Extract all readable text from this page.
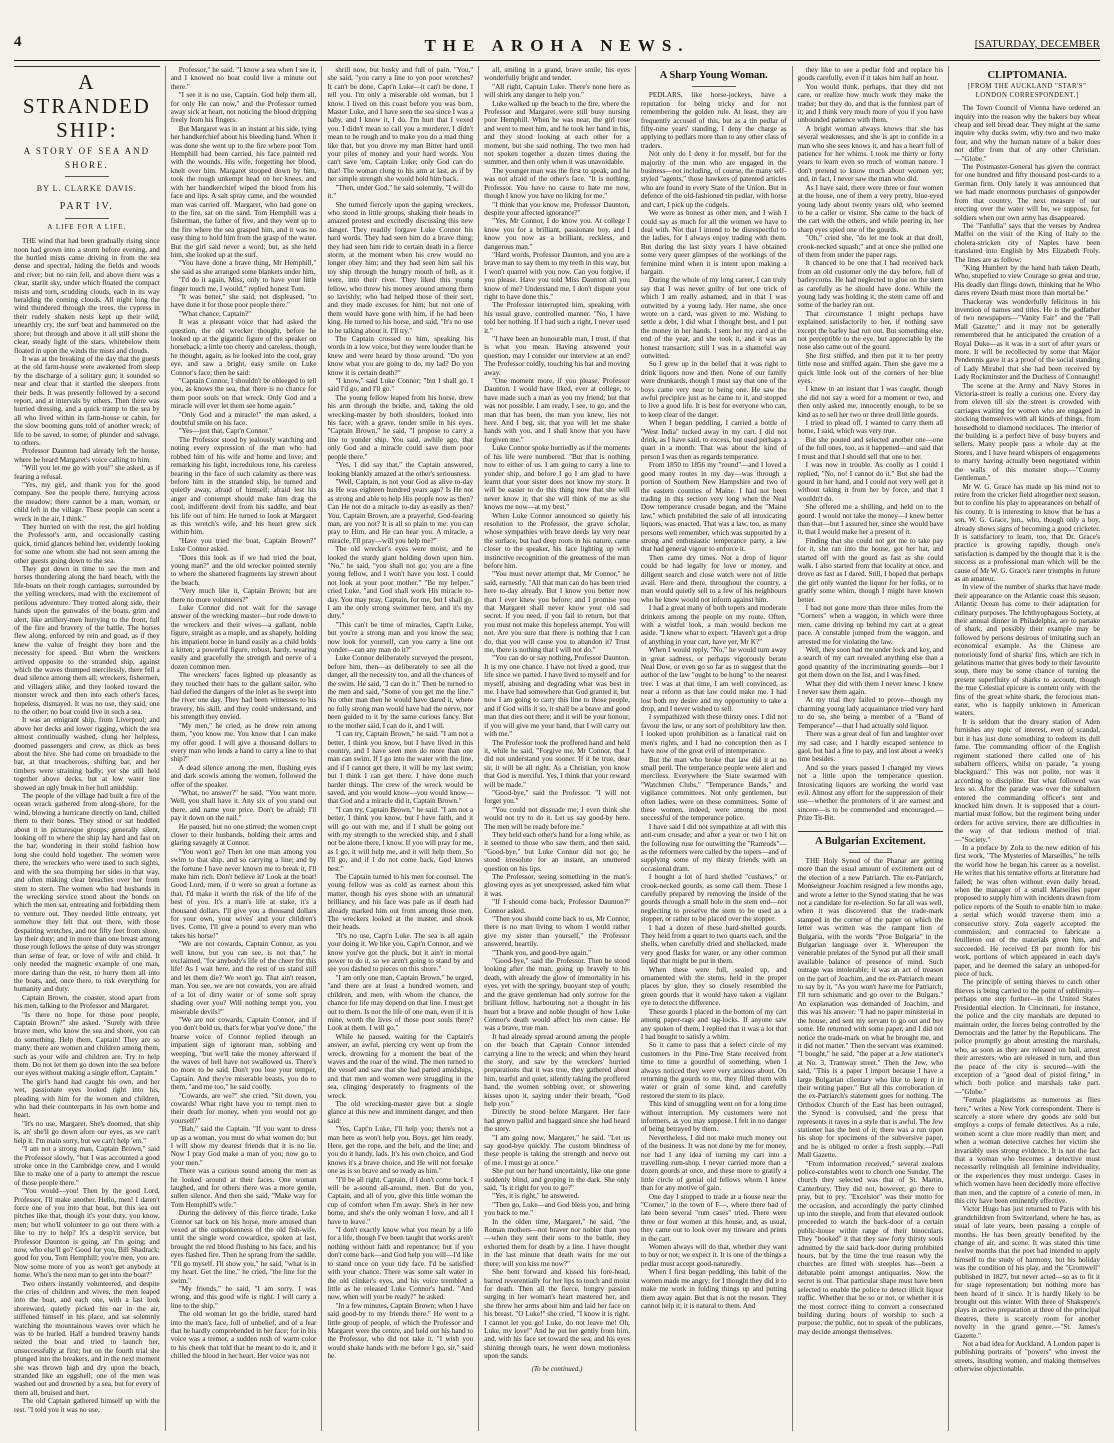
4	THE AROHA NEWS.	[SATURDAY, DECEMBER
A STRANDED SHIP:
A STORY OF SEA AND
SHORE.
BY L. CLARKE DAVIS.
PART IV.
A LIFE FOR A LIFE.

THE wind that had been gradually rising since noon had grown into a storm before evening, and the hurtled mists came driving in from the sea dense and spectral, hiding the fields and woods and river; but no rain fell, and above there was a clear, starlit sky, under which floated the compact mists and torn, scudding clouds, each in its way heralding the coming clouds. All night long the wind thundered through the trees, the cypress in their rudely shaken nests kept up their wild, unearthly cry, the surf beat and hammered on the shore; but through and above it all still shone the clear, steady light of the stars, whitebelow them floated in upon the winds the mists and clouds.

It was at the breaking of the day that the guests at the old farm-house were awakened from sleep by the discharge of a solitary gun; it sounded so near and clear that it startled the sleepers from their beds. It was presently followed by a second report, and at intervals by others. Then there was hurried dressing, and a quick tramp to the sea by all who lived within its farm-house or cabin, for the slow booming guns told of another wreck; of life to be saved, to some; of plunder and salvage, to others.

Professor Daunton had already left the house, where he heard Margaret's voice calling to him.

"Will you let me go with you!" she asked, as if fearing a refusal.

"Yes, my girl, and thank you for the good company. See the people there, hurrying across the meadow; there cannot be a man, woman, or child left in the village. These people can scent a wreck in the air, I think."

They hurried on with the rest, the girl holding the Professor's arm, and occasionally casting quick, timid glances behind her, evidently looking for some one whom she had not seen among the other guests going down to the sea.

They got down in time to see the men and horses thundering along the hard beach, with the life-boats on their rough carriages, surrounded by the yelling wreckers, mad with the excitement of perilous adventure. They trotted along side, their hands upon the gunwales of the boats, grim and alert, like artillery-men hurrying to the front, full of the fire and bravery of the battle. The horses flew along, enforced by rein and goad, as if they knew the value of freight they bore and the necessity for speed. But when the wreckers arrived opposite to the stranded ship, against which the waves thumped mercilessly, there fell a dead silence among them all; wreckers, fishermen, and villagers alike, and they looked toward the monster wreck and then into each other's faces, hopeless, dismayed. It was no use, they said, one to the other; no boat could live in such a sea.

It was an emigrant ship, from Liverpool; and above her decks and lower rigging, which the sea almost continually washed, clung her helpless, doomed passengers and crew, as thick as bees about the hive. She had come on broadside to the bar, at that treacherous, shifting bar, and her timbers were straining badly; yet she still held together above decks, but at low water line showed an ugly break in her hull amidship.

The people of the village had built a fire of the ocean wrack gathered from along-shore, for the wind, blowing a hurricane directly on land, chilled them to their bones. They stood or sat huddled about it in picturesque groups, generally silent, looking off to where the ship lay hard and fast on the bar; wondering in their stolid fashion how long she could hold together. The women were there, the wreckers who were used to such sights, and with the sea thumping her sides in that way, and often making clear breaches over her from stem to stern. The women who had husbands in the wrecking service stood about the bonds on which the men sat, entreating and forbidding them to venture out. They needed little entreaty, yet somehow they felt that out there, with those despairing wretches, and not fifty feet from shore, lay their duty; and in more than one breast among those rough fellows the sense of duty was stronger than sense of fear, or love of wife and child. It only needed the magnetic example of one man, more daring than the rest, to hurry them all into the boats, and, once there, to risk everything for humanity and duty.

Captain Brown, the coaster, stood apart from his men, talking to the Professor and Margaret.

"Is there no hope for those poor people, Captain Brown?" she asked. "Surely with three brave men, who know the sea and shore, you can do something. Help them, Captain! They are so many; there are women and children among them, such as your wife and children are. Try to help them. Do not let them go down into the sea before our eyes without making a single effort, Captain."

The girl's hand had caught his own, and her wet, passionate eyes looked right into his, pleading with him for the women and children, who had their counterparts in his own home and heart.

"It's no use, Margaret. She's doomed, that ship is, an' she'll go down afore our eyes, as we can't help it. I'm main sorry, but we can't help 'em."

"I am not a strong man, Captain Brown," said the Professor slowly, "but I was accounted a good stroke once in the Cambridge crew, and I would like to make one of a party to attempt the rescue of those people there."

"You would—you! Then by the good Lord, Professor, I'll make another. Hello, men! I daren't force one of you into that boat, but this sea out pitches like that, though it's your duty, you know, men; but who'll volunteer to go out there with a like to try to help? It's a desp'rit service, but Professor Daunton is going, an' I'm going; and now, who else'll go? Good for you, Bill Shadrack; good for you, Tom Hemphill; you're men, you are. Now some more of you as won't get anybody at home. Who's the next man to get into the boat?"

Two others instantly volunteered, and despite the cries of children and wives, the men leaped into the boat, and each one, with a last look shoreward, quietly picked his oar in the air, stiffened himself in his place, and sat solemnly watching the mountainous waves over which he was to be hurled. Half a hundred brawny hands seized the boat and tried to launch her, unsuccessfully at first; but on the fourth trial she plunged into the breakers, and in the next moment she was thrown high and dry upon the beach, stranded like an eggshell; one of the men was washed out and drowned by a sea, but for every of them all, bruised and hurt.

The old Captain gathered himself up with the rest. "I told you it was no use,

Professor," he said. "I know a sea when I see it, and I knowed no boat could live a minute out there."

"I see it is no use, Captain. God help them all, for only He can now," and the Professor turned away sick at heart, not noticing the blood dripping freely from his fingers.

But Margaret was in an instant at his side, tying her handkerchief about his bleeding hand. When it was done she went up to the fire where poor Tom Hemphill had been carried, his face painted red with the wounds. His wife, forgetting her blood, knelt over him. Margaret stooped down by him, took the rough unkempt head on her knees, and with her handkerchief wiped the blood from his face and lips. A salt spray came, and the wounded man was carried off. Margaret, who had gone on to the fire, sat on the sand. Tom Hemphill was a fisherman, the father of five, and they went up to the fire where the sea grasped him, and it was no easy thing to hold him from the grasp of the water. But the girl said never a word; but, as she held him, she looked up at the surf.

"You have done a brave thing, Mr Hemphill," she said as she arranged some blankets under him.

"I'd do it again, Miss, only to have your little finger touch me, I would," replied honest Tom.

"It was better," she said, not displeased, "to have done it for those poor people there."

"What chance, Captain?"

It was a pleasant voice that had asked the question, the old wrecker thought, before he looked up at the gigantic figure of the speaker on horseback; a little too cheery and careless, though, he thought, again, as he looked into the cool, gray eye, and saw a bright, easy smile on Luke Connor's face; then he said:

"Captain Connor, I shouldn't be obleeged to tell you, as knows the sea, that there is no chance for them poor souls on that wreck. Only God and a miracle will ever let them see home again."

"Only God and a miracle!" the man asked, a doubtful smile on his face.

"Yes—just that, Capt'n Connor."

The Professor stood by jealously watching and noting every expression of the man who had robbed him of his wife and home and love; and remarking his light, incredulous tone, his careless bearing in the face of such calamity as there was before him in the stranded ship, he turned and quietly away, afraid of himself; afraid lest his anger and contempt should make him drag the cool, indifferent devil from his saddle, and beat his life out of him. He turned to look at Margaret as this wretch's wife, and his heart grew sick within him.

"Have you tried the boat, Captain Brown?" Luke Connor asked.

"Does this look as if we had tried the boat, young man?" and the old wrecker pointed sternly to where the shattered fragments lay strewn about the beach.

"Very much like it, Captain Brown; but are there no more volunteers?"

Luke Connor did not wait for the savage answer of the wrecking master—but rode down to the wreckers and their wives—a gallant, noble figure, straight as a maple, and as shapely, holding his impatient horse in hand easily as a child holds a kitten; a powerful figure, robust, hardy, wearing easily and gracefully the strength and nerve of a dozen common men.

The wreckers' faces lighted up pleasantly as they touched their hats to the gallant sailor, who had defied the dangers of the inlet as he swept into the river one day. They had been witnesses to his bravery, his skill, and they could understand, and his strength they envied.

"My men," he cried, as he drew rein among them, "you know me. You know that I can make my offer good. I will give a thousand dollars to every man who lends a hand to carry a line to that ship?"

A dead silence among the men, flushing eyes and dark scowls among the women, followed the offer of the speaker.

"What, no answer?" he said. "You want more. Well, you shall have it. Any six of you stand out there, and name your price. Don't be afraid; I'll pay it down on the nail."

He paused, but no one stirred; the women crept closer to their husbands, holding their arms and glaring savagely at Connor.

"You won't go? Then let one man among you swim to that ship, and so carrying a line; and by the fortune I have never known me to break it, I'll make him rich. Don't believe it? Look at the boat! Good Lord, men, if it were so great a fortune as that, I'd make it worth the risk of the life of the best of you. It's a man's life at stake, it's a thousand dollars. I'll give you a thousand dollars for your own, your wives' and your children's lives. Come, I'll give a pound to every man who takes his horse!"

"We are not cowards, Captain Connor, as you well know, but you can see, is not that," he exclaimed, "for anybody's life of the cheer for this life! As I wait here, and the rest of us stand still and let them die? We won't go. That ain't reason, man. You see, we are not cowards, you are afraid of a lot of dirty water or of some soft spray shading over you? Will nothing tempt you, you miserable devils?"

"We are not cowards, Captain Connor, and if you don't bold us, that's for what you've done," the hoarse voice of Connor replied through an impatient sign of ignorant man, sobbing and weeping, "but we'll take the money afterward if the waves of hell have not swallowed us. There's no more to be said. Don't you lose your temper, Captain. And they're miserable beasts, you do to them, "and me too," he said coolly.

"Cowards, are we?" she cried. "Sit down, you cowards! What right have you to tempt men to their death for money, when you would not go yourself?"

"Bah," said the Captain. "If you want to dress up as a woman, you must do what women do; but I will show my dearest friends that it is no lie. Now I pray God make a man of you; now go to your men."

There was a curious sound among the men as he looked around at their faces. One woman laughed, and for others there was a more gentle, sullen silence. And then she said, "Make way for Tom Hemphill's wife."

During the delivery of this fierce tirade, Luke Connor sat back on his horse, more amused than vexed at the outspokenness of the old fish-wife, until the single word cowardice, spoken at last, brought the red blood flushing to his face, and his eyes flashed fire. Then he sprang from the saddle. "I'll go myself. I'll show you," he said, "what is in my heart. Get the line," he cried, "the line for the swim."

"My friends," he said, "I am sorry. I was wrong, and this good wife is right. I will carry a line to the ship."

The old woman let go the bridle, stared hard into the man's face, full of unbelief, and of a fear that he hardly comprehended in her face; for in his voice was a tremor, a sudden rush of warm color to his cheek that told that he meant to do it, and it chilled the blood in her heart. Her voice was not

shrill now, but husky and full of pain. "You," she said, "you carry a line to yon poor wretches? It can't be done, Capt'n Luke—it can't be done, I tell you. I'm only a miserable old woman, but I know. I lived on this coast before you was born, Master Luke, and I have seen the sea since I was a baby, and I know it, I do. I'm hurt that I vexed you. I didn't mean to call you a murderer, I didn't mean to be rough and to make you do a mad thing like that, but you drove my man Bitter hard until your piles of money and your hard words. You can't save 'em, Captain Luke; only God can do that! The woman clung to his arm at last, as if by her simple strength she would hold him back.

"Then, under God," he said solemnly, "I will do it."

She turned fiercely upon the gaping wreckers, who stood in little groups, shaking their heads in amazed protest and excitedly discussing this new danger. They readily forgave Luke Connor his hard words. They had seen him do a brave thing; they had seen him ride to certain death in a fierce storm, at the moment when his crew would no longer obey him; and they had seen him sail his toy ship through the hungry mouth of hell, as it were, into their river. They liked this young fellow, who threw his money around among them so lavishly; who had helped those of their sort, and they made excuses for him; but not one of them would have gone with him, if he had been king. He turned to his horse, and said, "It's no use to be talking about it. I'll try."

The Captain crossed to him, speaking his words in a low voice, but they were louder than he knew and were heard by those around. "Do you know what you are going to do, my lad? Do you know it is certain death?"

"I know," said Luke Connor; "but I shall go. I said I'd go, and I'll go."

The young fellow leaped from his horse, drew his arm through the bridle, and, taking the old wrecking-master by both shoulders, looked into his face, with a grave, tender smile in his eyes. "Captain Brown," he said, "I propose to carry a line to yonder ship. You said, awhile ago, that only God and a miracle could save them poor people there."

"Yes, I did say that," the Captain answered, looking blankly amazed at the other's seriousness.

"Well, Captain, is not your God as alive to-day as He was eighteen hundred years ago? Is He not as strong and able to help His people now as then? Can He not do a miracle to-day as easily as then? You, Captain Brown, are a prayerful, God-fearing man, are you not? It is all so plain to me: you can pray to Him, and He can hear you. A miracle, a miracle, I'll pray—will you help me?"

The old wrecker's eyes were moist, and he looked the sturdy giant holding down upon him. "No," he said, "you shall not go; you are a fine young fellow, and I won't have you lost. I could not look at your poor mother." "Be my helper," cried Luke, "and God shall work His miracle to-day. You may pray, Captain, for me, but I shall go. I am the only strong swimmer here, and it's my duty."

"This can't be time of miracles, Capt'n Luke, but you're a strong man and you know the sea; now look for yourself, can you carry a line out yonder—can any man do it?"

Luke Connor deliberately surveyed the present, before him, then—as deliberately to see all the danger, all the necessity too, and all the chances of the swim. He said, "I can do it." Then he turned to the men and said, "Some of you get me the line." No other man then he would have dared it, where no fully strong man would have had the nerve, nor been guided to it by the same curious fancy. But to the mother said, I can do it, and I will.

"I can try, Captain Brown," he said. "I am not a better, I think you know, but I have lived in this country, and I have seen men do more than one man can swim. If I go into the water with the line, and if I cannot get there, it will be my last swim; but I think I can get there. I have done much harder things. The crew of the wreck would be saved, and you would know—you would know—that God and a miracle did it, Captain Brown."

"I can try, Captain Brown," he said. "I am not a better, I think you know, but I have faith, and it will go out with me, and if I shall be going out with my strength to the wrecked ship, and I shall not be alone there, I know. If you will pray for me, as I go, it will help me, and it will help them. So I'll go, and if I do not come back, God knows best."

The Captain turned to his men for counsel. The young fellow was as cold as earnest about this matter, though his eyes shone with an unnatural brilliancy, and his face was pale as if death had already marked him out from among those men. The wreckers looked at the master, and shook their heads.

"It's no use, Capt'n Luke. The sea is all again your doing it. We like you, Capt'n Connor, and we know you've got the pluck, but it ain't in mortal power to do it, so we aren't going to stand by and see you dashed to pieces on this shore."

"I am only one man, Captain Brown," he urged, "and there are at least a hundred women, and children, and men, with whom the chance, the chance for life may depend on that line. I must get out to them. Is not the life of one man, even if it is mine, worth the lives of those poor souls there? Look at them. I will go."

While he paused, waiting for the Captain's answer, an awful, piercing cry went up from the wreck, drowning for a moment the beat of the waves and the roar of the wind. The men turned to the vessel and saw that she had parted amidships, and that men and women were struggling in the sea, clinging desperately to fragments of the wreck.

The old wrecking-master gave but a single glance at this new and imminent danger, and then said:

"Yes, Capt'n Luke, I'll help you; there's not a man here as won't help you. Boys, get him ready. Here, get the rope, and the belt, and the line; and you do it handy, lads. It's his own choice, and God knows it's a brave choice, and He will not forsake one as is so brave and so ready as him."

"I'll be all right, Captain, if I don't come back. I will be a-sound all-around, men. But do you, Captain, and all of you, give this little woman the cup of comfort when I'm away. She's in her new home, and she's the only woman I love, and all I have to leave."

"I don't exactly know what you mean by a life for a life, though I've been taught that works aren't nothing without faith and repentance; but if you don't come back—and God help you will—I'd like to stand once on your tidy face. I'd be satisfied with your chance. There was some salt water in the old clinker's eyes, and his voice trembled a little as he released Luke Connor's hand. "And now, when will you be ready?" he asked.

"In a few minutes, Captain Brown; when I have said good-by to my friends there." He went to a little group of people, of which the Professor and Margaret were the centre, and held out his hand to the Professor, who did not take it. "I wish you would shake hands with me before I go, sir," said he.

all, smiling in a grand, brave smile, his eyes wonderfully bright and tender.

"All right, Captain Luke. There's none here as will shirk any danger to help you."

Luke walked up the beach to the fire, where the Professor and Margaret were still busy nursing poor Hemphill. When he was near, the girl rose and went to meet him, and he took her hand in his, and they stood looking at each other for a moment, but she said nothing. The two men had not spoken together a dozen times during the summer, and then only when it was unavoidable.

The younger man was the first to speak, and he was not afraid of the other's face. "It is nothing, Professor. You have no cause to hate me now, though I know you have no liking for me."

"I think that you know me, Professor Daunton, despite your affected ignorance?"

"Yes, Mr Connor, I do know you. At college I knew you for a brilliant, passionate boy, and I know you now as a brilliant, reckless, and dangerous man."

"Hard words, Professor Daunton, and you are a brave man to say them to my teeth in this way, but I won't quarrel with you now. Can you forgive, if you please. Have you told Miss Daunton all you know of me? Understand me, I don't dispute your right to have done this."

The Professor interrupted him, speaking with his usual grave, controlled manner. "No, I have told her nothing. If I had such a right, I never used it."

"I have been an honourable man, I trust, if that is what you mean. Having answered your question, may I consider our interview at an end? The Professor coldly, touching his hat and moving away.

"One moment more, if you please, Professor Daunton. I would have liked, ever at college, to have made such a man as you my friend; but that was not possible. I am ready, I see, to go, and the man that has been, the man you knew, lies not here. And I beg, sir, that you will let me shake hands with you, and I shall know that you have forgiven me."

Luke Connor spoke hurriedly as if the moments of his life were numbered. "But that is nothing now to either of us. I am going to carry a line to yonder ship, and before I go I am glad to have learnt that your sister does not know my story. It will be easier to do this thing now that she will never know it; that she will think of me as she knows me now—at my best."

When Luke Connor announced so quietly his resolution to the Professor, the grave scholar, whose sympathies with brave deeds lay very near the surface, but had deep roots in his nature, came closer to the speaker, his face lighting up with instinctive recognition of the greatness of the man before him.

"You must never attempt that, Mr Connor," he said, earnestly. "All that man can do has been tried here to-day already. But I know you better now than I ever knew you before; and I promise you that Margaret shall never know your old sad secret. If you need, if you fail to return, but that you must not make this hopeless attempt. You will not. Are you sure that there is nothing that I can do, that you will cause you to abandon it? Trust me, there is nothing that I will not do."

"You can do or say nothing, Professor Daunton. It is my one chance. I have not lived a good, true life since we parted. I have lived to myself and for myself, abusing and degrading what was best in me. I have had somewhere that God granted it, but now I am going to carry this line to those people, and if God wills it so, it shall be a brave and good man that dies out there; and it will be your honour, if you will give me your hand, that I will carry out with me."

The Professor took the proffered hand and held it, while he said, "Forgive me, Mr Connor, that I did not understand you sooner. If it be true, dear sir, it will be all right. As a Christian, you know that God is merciful. Yes, I think that your reward will be made."

"Good-bye," said the Professor. "I will not forget you."

"You could not dissuade me; I even think she would not try to do it. Let us say good-by here. The men will be ready before me."

They held each other's hand for a long while, as it seemed to those who saw them, and then said, "Good-bye," but Luke Connor did not go; he stood irresolute for an instant, an unuttered question on his lips.

The Professor, seeing something in the man's glowing eyes as yet unexpressed, asked him what it was.

"If I should come back, Professor Daunton?" Connor asked.

"Then you should come back to us, Mr Connor, there is no man living to whom I would rather give my sister than yourself," the Professor answered, heartily.

"Thank you, and good-bye again."

"Good-bye," said the Professor. Then he stood looking after the man, going up bravely to his death, with already the glow of immortality in his eyes, yet with the springy, buoyant step of youth; and the grave gentleman had only sorrow for the brilliant fellow, harbouring not a thought in his heart but a brave and noble thought of how Luke Connor's death would affect his own cause. He was a brave, true man.

It had already spread around among the people on the beach that Captain Connor intended carrying a line to the wreck; and when they heard the story, and saw by the wreckers' hurried preparations that it was true, they gathered about him, tearful and quiet, silently taking the proffered hand, the women sobbing over, or showering kisses upon it, saying under their breath, "God help you."

Directly he stood before Margaret. Her face had grown pallid and haggard since she had heard the story.

"I am going now, Margaret," he said. "Let us say good-bye quickly. The custom blindness of these people is taking the strength and nerve out of me. I must go at once."

She put out her hand uncertainly, like one gone suddenly blind, and groping in the dark. She only said, "Is it right for you to go?"

"Yes, it is right," he answered.

"Then go, Luke—and God bless you, and bring you back to me."

In the olden time, Margaret," he said, "the Roman mothers—not braver nor nobler than you—when they sent their sons to the battle, they exhorted them for death by a line. I have thought in the last minute that death waits for me out there; will you kiss me now?"

She bent forward and kissed his fore-head, barred reverentially for her lips to touch and moist for death. Then all the fierce, hungry passion surging in her woman's heart mastered her, and she threw her arms about him and laid her face on his breast. "O Luke!" she cried, "I know it is right. I cannot let you go! Luke, do not leave me! Oh, Luke, my love!" And he put her gently from him, and, with his face set toward the sea, and his eyes shining through tears, he went down motionless upon the sands.

(To be continued.)
A Sharp Young Woman.

PEDLARS, like horse-jockeys, have a reputation for being tricky and for not remembering the golden rule. At least, they are frequently accused of this, but as a tin pedlar of fifty-nine years' standing, I deny the charge as applying to pedlars more than to any other class of traders.

Not only do I deny it for myself, but for the majority of the men who are engaged in the business—not including, of course, the many self-styled "agents," those hawkers of patented articles who are found in every State of the Union. But in defence of the old-fashioned tin pedlar, with horse and cart, I pick up the cudgels.

We were as honest as other men, and I wish I could say as much for all the women we have to deal with. Not that I intend to be disrespectful to the ladies, for I always enjoy trading with them. But during the last sixty years I have obtained some very queer glimpses of the workings of the feminine mind when it is intent upon making a bargain.

During the whole of my long career, I can truly say that I was never guilty of but one trick of which I am really ashamed, and in that I was outwitted by a young lady. Her name, she once wrote on a card, was given to me. Wishing to settle a debt, I did what I thought best, and I put the money in her hands. I sent her my card at the end of the year, and she took it, and it was an honest transaction; still I was in a shameful way outwitted.

So I grew up in the belief that it was right to drink liquors now and then. None of our family were drunkards, though I must say that one of the boys came very near to being one. He saw the awful precipice just as he came to it, and stopped to live a good life. It is best for everyone who can, to keep clear of the danger.

When I began peddling, I carried a bottle of "West India" tucked away in my cart. I did not drink, as I have said, to excess, but used perhaps a quart in a month. That was about the kind of person I was then as regards temperance.

From 1850 to 1856 my "round"—and I loved a good many routes in my day—was through a portion of Southern New Hampshire and two of the eastern counties of Maine. I had not been trading in this section very long when the Neal Dow temperance crusade began, and the "Maine law," which prohibited the sale of all intoxicating liquors, was enacted. That was a law, too, as many persons well remember, which was supported by a strong and enthusiastic temperance party, a law that had general vigour to enforce it.

Then came dry times. Not a drop of liquor could be had legally for love or money, and diligent search and close watch were not of little avail. Here and there, throughout the country, a man would quietly sell to a few of his neighbours who he knew would not inform against him.

I had a great many of both topers and moderate drinkers among the people on my route. Often, with a wistful look, a man would beckon me aside. "I know what to expect. "Haven't got a drop of anything in your cart, have yer, Mr K?"

When I would reply, "No," he would turn away in great sadness, or perhaps vigorously berate Neal Dow, or even go so far as to suggest that the author of the law "ought to be hung" to the nearest tree. I was at that time, I am well convinced, as near a reform as that law could make me. I had lost both my desire and my opportunity to take a drop, and I never wished to sell.

I sympathized with these thirsty ones. I did not favour the law, or any sort of prohibitory law then. I looked upon prohibition as a fanatical raid on men's rights, and I had no conception then as I have now of the great evil of intemperance.

But the man who broke that law did it at no small peril. The temperance people were alert and merciless. Everywhere the State swarmed with "Watchmen Clubs," "Temperance Bands," and vigilance committees. Not only gentlemen, but often ladies, were on these committees. Some of these women, indeed, were among the most successful of the temperance police.

I have said I did not sympathize at all with this anti-rum crusade; and after a year or two I hit on the following ruse for outwitting the "Ramrods"—as the reformers were called by the topers—and of supplying some of my thirsty friends with an occasional dram.

I bought a lot of hard shelled "cushaws," or crook-necked gourds, as some call them. These I carefully prepared by removing the inside of the gourds through a small hole in the stem end—not neglecting to preserve the stem to be used as a stopper, or rather to be placed over the stopper.

I had a dozen of these hard-shelled gourds. They held from a quart to two quarts each, and the shells, when carefully dried and shellacked, made very good flasks for water, or any other common liquid that might be put in them.

When these were full, sealed up, and ornamented with the stems, held in the proper places by glue, they so closely resembled the green gourds that it would have taken a vigilant eye to detect the difference.

These gourds I placed in the bottom of my cart among paper-rags and tag-locks. If anyone saw any spoken of them, I replied that it was a lot that I had bought to satisfy a whim.

So it came to pass that a select circle of my customers in the Pine-Tree State received from time to time a gourdful of something, when I always noticed they were very anxious about. On returning the gourds to me, they filled them with water or grain of some kind, and carefully restored the stem to its place.

This kind of smuggling went on for a long time without interruption. My customers were not informers, as you may suppose. I felt in no danger of being betrayed by them.

Nevertheless, I did not make much money out of the business. It was not done by me for money, nor had I any idea of turning my cart into a travelling rum-shop. I never carried more than a dozen gourds at once, and these more to gratify a little circle of genial old fellows whom I knew than for any motive of gain.

One day I stopped to trade at a house near the "Corner," in the town of F—, where there had of late been several "rum cases" tried. There were three or four women at this house, and, as usual, they came out to look over my tinware and prints in the cart.

Women always will do that, whether they want to buy or not; we expect it. It is one of the things a pedlar must accept good-naturedly.

When I first began peddling, this habit of the women made me angry; for I thought they did it to make me work in folding things up and putting them away again. But that is not the reason. They cannot help it; it is natural to them. And

they like to see a pedlar fold and replace his goods carefully, even if it takes him half an hour.

You would think, perhaps, that they did not care, or realize how much work they make the trader; but they do, and that is the funniest part of it; and I think very much more of you if you have unbounded patience with them.

A bright woman always knows that she has several weaknesses, and she is apt to confide in a man who she sees knows it, and has a heart full of patience for her whims. I took me thirty or forty years to learn even so much of woman nature. I don't pretend to know much about women yet; and, in fact, I never saw the man who did.

As I have said, there were three or four women at the house, one of them a very pretty, blue-eyed young lady about twenty years old, who seemed to be a caller or visitor. She came to the back of the cart with the others, and while peering in, her sharp eyes spied one of the gourds.

"Oh," cried she, "do let me look at that droll, crook-necked squash;" and at once she pulled one of them from under the paper rags.

It chanced to be one that I had received back from an old customer only the day before, full of barleycorns. He had neglected to glue on the stem as carefully as he should have done. While the young lady was holding it, the stem came off and some of the barley ran out.

That circumstance I might perhaps have explained satisfactorily to her, if nothing save except the barley had run out. But something else, not perceptible to the eye, but appreciable by the nose also came out of the gourd.

She first sniffed, and then put it to her pretty little nose and sniffed again. Then she gave me a quick little look out of the corners of her blue eyes.

I knew in an instant that I was caught, though she did not say a word for a moment or two, and then only asked me, innocently enough, to be so kind as to sell her two or three droll little gourds.

I tried to plead off. I wanted to carry them all home, I said, which was very true.

But she pouted and selected another one—one of the full ones, too, as it happened—and said that I must and that I should sell that one to her.

I was now in trouble. As coolly as I could I replied, "No, no! I cannot do it." But she had the gourd in her hand, and I could not very well get it without taking it from her by force, and that I wouldn't do.

She offered me a shilling, and held on to the gourd. I would not take the money—I knew better than that—but I assured her, since she would have it, that I would make her a present of it.

Finding that she could not get me to take pay for it, she ran into the house, got her hat, and started off with the gourd as fast as she could walk. I also started from that locality at once, and drove as fast as I dared. Still, I hoped that perhaps the girl only wanted the liquor for her folks, or to gratify some whim, though I might have known better.

I had not gone more than three miles from the "Corners" when a waggon, in which were three men, came driving up behind my cart at a great pace. A constable jumped from the waggon, and arrested me for violating the law.

Well, they soon had me under lock and key, and a search of my cart revealed anything else than a good quantity of the incriminating gourds—but I got them down on the list, and I was fined.

What they did with them I never knew. I knew I never saw them again.

At my trial they failed to prove—though my charming young lady acquaintance tried very hard to do so, she being a member of a "Band of Temperance"—that I had actually sold liquor.

There was a great deal of fun and laughter over my sad case, and I hardly escaped sentence to gaol, but had a fine to pay, and lost about a week's time besides.

And so the years passed I changed my views not a little upon the temperance question. Intoxicating liquors are working the world vast evil. Almost any effort for the suppression of their use—whether the promoters of it are earnest and sincere—is to be commended and encouraged.—Prize Tit-Bit.

A Bulgarian Excitement.

THE Holy Synod of the Phanar are getting more than the usual amount of excitement out of the election of a new Patriarch. The ex-Patriarch, Monseigneur Joachim resigned a few months ago, and wrote a letter to the Synod stating that he was not a candidate for re-election. So far all was well, when it was discovered that the trade-mark stamped in the corner of the paper on which the letter was written was the rampant lion of Bulgaria, with the words "Proe Bulgaria" in the Bulgarian language over it. Whereupon the venerable prelates of the Synod put all their small available balance of presence of mind. Such outrage was intolerable; it was an act of treason on the part of Joachim, and the ex-Patriarch meant to say by it, "As you won't have me for Patriarch, I'll turn schismatic and go over to the Bulgars." An explanation was demanded of Joachim, and this was his answer: "I had no paper ministerial in the house, and sent my servant to go out and buy some. He returned with some paper, and I did not notice the trade-mark on what he brought me, and it did not matter." Then the servant was examined. "I bought," he said, "the paper at a Jew stationer's at No. 3, Tramway street." Then the Jew, who said, "This is a paper I import because I have a large Bulgarian clientary who like to keep it in their writing paper." But all this corroboration of the ex-Patriarch's statement goes for nothing. The Orthodox Church of the East has been outraged, the Synod is convulsed, and the press that represents it raves in a style that is awful. The Jew stationer has the best of it; there was a run upon his shop for specimens of the subversive paper, and he is obliged to order a fresh supply.—Pall Mall Gazette.

"From information received," several zealous police-constables went to church one Sunday. The church they selected was that of St. Martin, Canterbury. They did not, however, go there to pray, but to pry. "Excelsior" was their motto for the occasion, and accordingly the party climbed up into the steeple, and from that elevated outlook proceeded to watch the back-door of a certain public-house within range of their binoculars. They "booked" it that they saw forty thirsty souls admitted by the said back-door during prohibited hours, but by the time the true reason why the churches are fitted with steeples has—been a debatable point amongst antiquaries. Now the secret is out. That particular shape must have been selected to enable the police to detect illicit liquor traffic. Whether that be so or not, or whether it is the most correct thing to convert a consecrated building during hours of worship to such a purpose, the public, not to speak of the publicans, may decide amongst themselves.

CLIPTOMANIA.
[FROM THE AUCKLAND "STAR'S" LONDON CORRESPONDENT.]

The Town Council of Vienna have ordered an inquiry into the reason why the bakers buy wheat cheap and sell bread dear. They might at the same inquire why ducks swim, why two and two make four, and why the human nature of a baker does not differ from that of any other Christian.—"Globe."

The Postmaster-General has given the contract for one hundred and fifty thousand post-cards to a German firm. Only lately it was announced that we had made enormous purchases of gunpowder from that country. The next measure of our erecting over the water will be, we suppose, for soldiers when our own army has disappeared.

The "Fanfulla" says that the verses by Andrea Maffei on the visit of the King of Italy to the cholera-stricken city of Naples have been translated into English by Mrs Elizabeth Froly. The lines are as follow:

"King Humbert by the hand hath taken Death, Who, stupefied to view Courage so great and true, His deadly dart flings down, thinking that he Who dares revere Death must more than mortal be."

Thackeray was wonderfully felicitous in his invention of names and titles. He is the godfather of two newspapers—"Vanity Fair" and the "Pall Mall Gazette;" and it may not be generally remembered that he anticipated the creation of a Royal Duke—as it was in a sort of after years or more. It will be recollected by some that Major Pendennis gave it as a proof of the social standing of Lady Mirabel that she had been received by Lady Rockminster and the Duchess of Connaught!

The scene at the Army and Navy Stores in Victoria-street is really a curious one. Every day from eleven till six the street is crowded with carriages waiting for women who are engaged in stocking themselves with all kinds of things, from housedhold to diamond necklaces. The interior of the building is a perfect hive of busy buyers and sellers. Many people pass a whole day at the Stores, and I have heard whispers of engagements to marry having actually been negotiated within the walls of this monster shop.—"County Gentleman."

Mr W. G. Grace has made up his mind not to retire from the cricket field altogether next season, but to confine his play to appearances on behalf of his county. It is interesting to know that he has a son, W. G. Grace, jun., who, though only a boy, already shows signs of becoming a good cricketer. It is satisfactory to learn, too, that Dr. Grace's practice is growing rapidly, though one's satisfaction is damped by the thought that it is the success as a professional man which will be the cause of Mr W. G. Grace's rarer triumphs in future as an amateur.

In view of the number of sharks that have made their appearance on the Atlantic coast this season, Atlantic Ocean has come to their adaptation for culinary purposes. The Ichthyophagous Society, at their annual dinner in Philadelphia, are to partake of shark, and possibly their example may be followed by persons desirous of imitating such an economical example. As the Chinese are notoriously fond of sharks' fins, which are rich in gelatinous matter that gives body to their favourite soup, there may be some chance of turning the present superfluity of sharks to account, though the true Celestial epicure is content only with the fins of the great white shark, the ferocious man-eater, who is happily unknown in American waters.

It is seldom that the dreary station of Aden furnishes any topic of interest, even of scandal, but it has just done something to redeem its dull fame. The commanding officer of the English regiment stationed there called one of his subaltern officers, whilst on parade, "a young blackguard." This was not polite, nor was it according to discipline. But what followed was less so. After the parade was over the subaltern entered the commanding officer's tent and knocked him down. It is supposed that a court-martial must follow, but the regiment being under orders for active service, there are difficulties in the way of that tedious method of trial.—"Society."

In a preface by Zola to the new edition of his first work, "The Mysteries of Marseilles," he tells the world how he began his career as a novelist. He writes that his tentative efforts at literature had failed; he was often without even daily bread, when the manager of a small Marseilles paper proposed to supply him with incidents drawn from police reports of the South to enable him to make a serial which would traverse them into a consecutive story. Zola eagerly accepted the commission, and contracted to fabricate a feuilleton out of the materials given him, and succeeded. He received £8 per month for his work, portions of which appeared in each day's paper, and he deemed the salary an unhoped-for piece of luck.

The principle of setting thieves to catch other thieves is being carried to the point of sublimity—perhaps one step further—in the United States Presidential election. In Cincinnati, for instance, the police and the city marshals are deputed to maintain order, the forces being controlled by the Democrats and the latter by the Republicans. The police promptly go about arresting the marshals, who, as soon as they are released on bail, arrest their arresters, who are released in turn, and thus the peace of the city is secured—with the exception of a "good deal of pistol firing," in which both police and marshals take part.—"Globe."

"Female plagiarisms as numerous as flies here," writes a New York correspondent. There is scarcely a store where dry goods are sold but employs a corps of female detectives. As a rule, women scent a clue more readily than men; and when a woman detective catches her victim she invariably uses strong evidence. It is not the fact that a woman who becomes a detective must necessarily relinquish all feminine individuality, or the experiences they must undergo. Cases in which women have been decidedly more effective than men, and the capture of a coterie of men, in this city have been eminently effective.

Victor Hugo has just returned to Paris with his grandchildren from Switzerland, where he has, as usual of late years, been passing a couple of months. He has been greatly benefited by the change of air, and scene. It was stated this time twelve months that the poet had intended to apply himself to the study of harmony, but his holiday was the condition of his play, and the "Cromwell" published in 1827, but never acted—so as to fit it for stage representation; but nothing more has been heard of it since. It is hardly likely to be brought out this winter. With three of Shakspere's plays in active preparation at three of the principal theatres, there is scarcely room for another novelty in the grand genre.—"St. James's Gazette."

Not a bad idea for Auckland. A London paper is publishing portraits of "powers" who invest the streets, insulting women, and making themselves otherwise objectionable.
